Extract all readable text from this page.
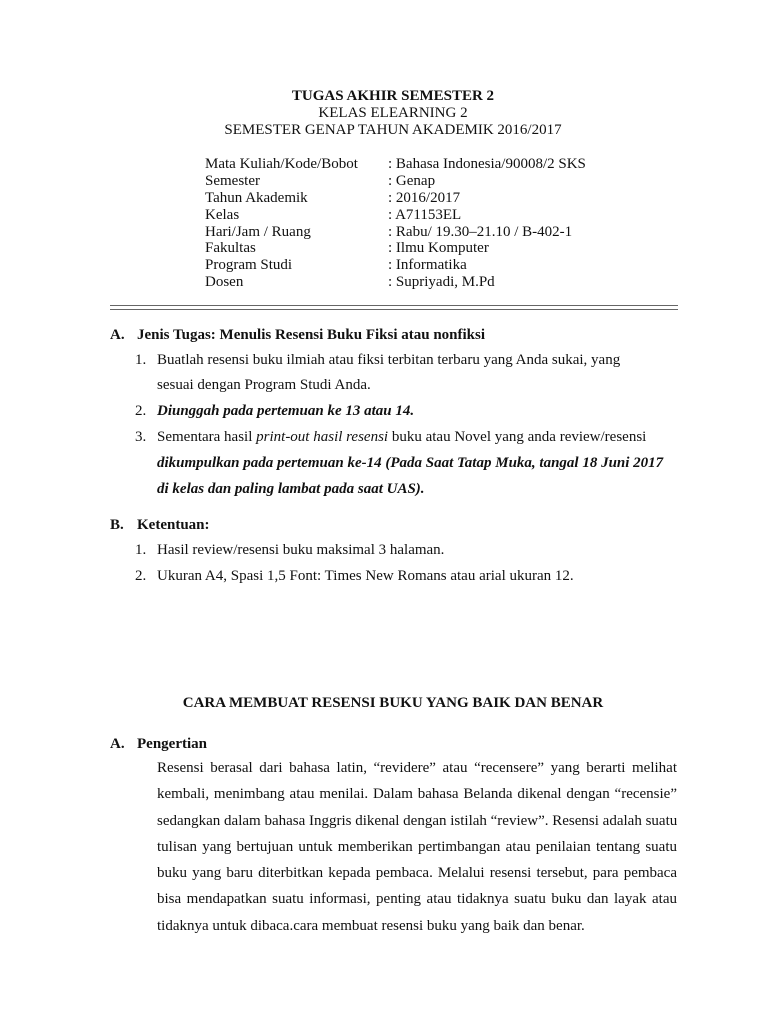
TUGAS AKHIR SEMESTER 2
KELAS ELEARNING 2
SEMESTER GENAP TAHUN AKADEMIK 2016/2017
Mata Kuliah/Kode/Bobot	: Bahasa Indonesia/90008/2 SKS
Semester	: Genap
Tahun Akademik	: 2016/2017
Kelas	: A71153EL
Hari/Jam / Ruang	: Rabu/ 19.30–21.10 / B-402-1
Fakultas	: Ilmu Komputer
Program Studi	: Informatika
Dosen	: Supriyadi, M.Pd
A. Jenis Tugas: Menulis Resensi Buku Fiksi atau nonfiksi
1. Buatlah resensi buku ilmiah atau fiksi terbitan terbaru yang Anda sukai, yang
sesuai dengan Program Studi Anda.
2. Diunggah pada pertemuan ke 13 atau 14.
3. Sementara hasil print-out hasil resensi buku atau Novel yang anda review/resensi
dikumpulkan pada pertemuan ke-14 (Pada Saat Tatap Muka, tangal 18 Juni 2017
di kelas dan paling lambat pada saat UAS).
B. Ketentuan:
1. Hasil review/resensi buku maksimal 3 halaman.
2. Ukuran A4, Spasi 1,5 Font: Times New Romans atau arial ukuran 12.
CARA MEMBUAT RESENSI BUKU YANG BAIK DAN BENAR
A. Pengertian
Resensi berasal dari bahasa latin, “revidere” atau “recensere” yang berarti melihat
kembali, menimbang atau menilai. Dalam bahasa Belanda dikenal dengan “recensie”
sedangkan dalam bahasa Inggris dikenal dengan istilah “review”. Resensi adalah suatu
tulisan yang bertujuan untuk memberikan pertimbangan atau penilaian tentang suatu
buku yang baru diterbitkan kepada pembaca. Melalui resensi tersebut, para pembaca
bisa mendapatkan suatu informasi, penting atau tidaknya suatu buku dan layak atau
tidaknya untuk dibaca.cara membuat resensi buku yang baik dan benar.
